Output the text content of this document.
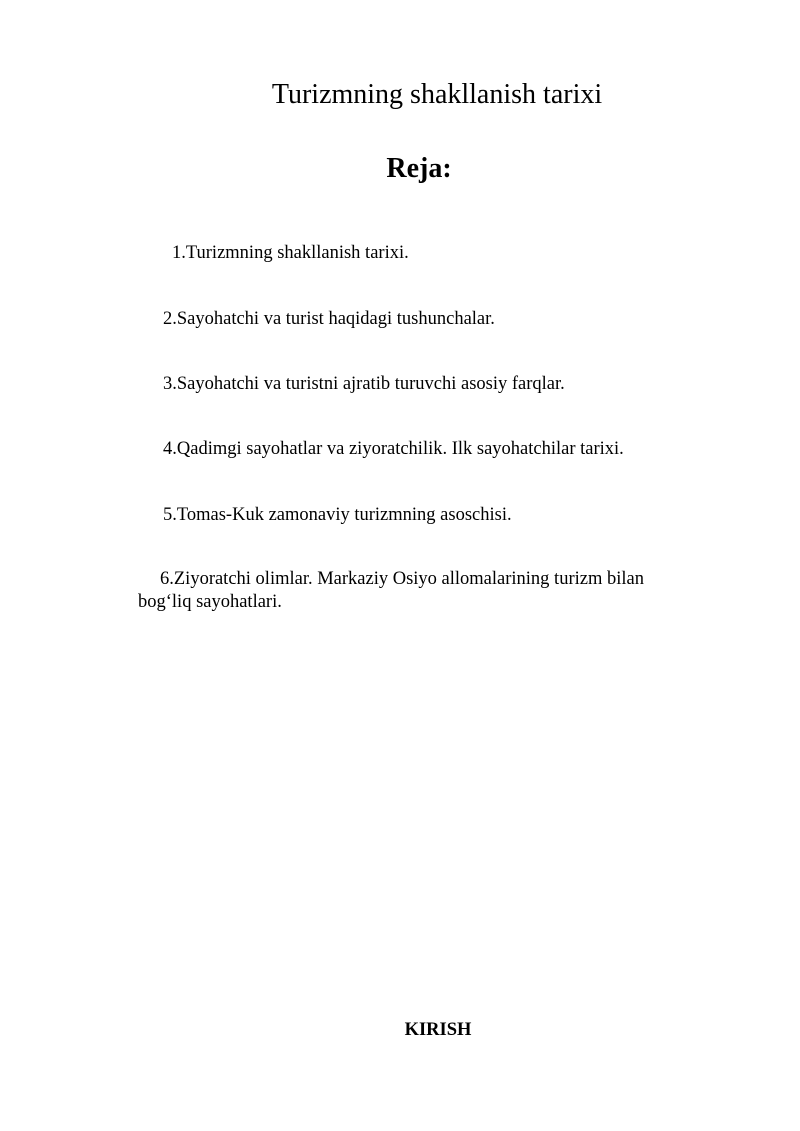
Turizmning shakllanish tarixi
Reja:
1.Turizmning shakllanish tarixi.
2.Sayohatchi va turist haqidagi tushunchalar.
3.Sayohatchi va turistni ajratib turuvchi asosiy farqlar.
4.Qadimgi sayohatlar va ziyoratchilik. Ilk sayohatchilar tarixi.
5.Tomas-Kuk zamonaviy turizmning asoschisi.
6.Ziyoratchi olimlar. Markaziy Osiyo allomalarining turizm bilan bog‘liq sayohatlari.
KIRISH
